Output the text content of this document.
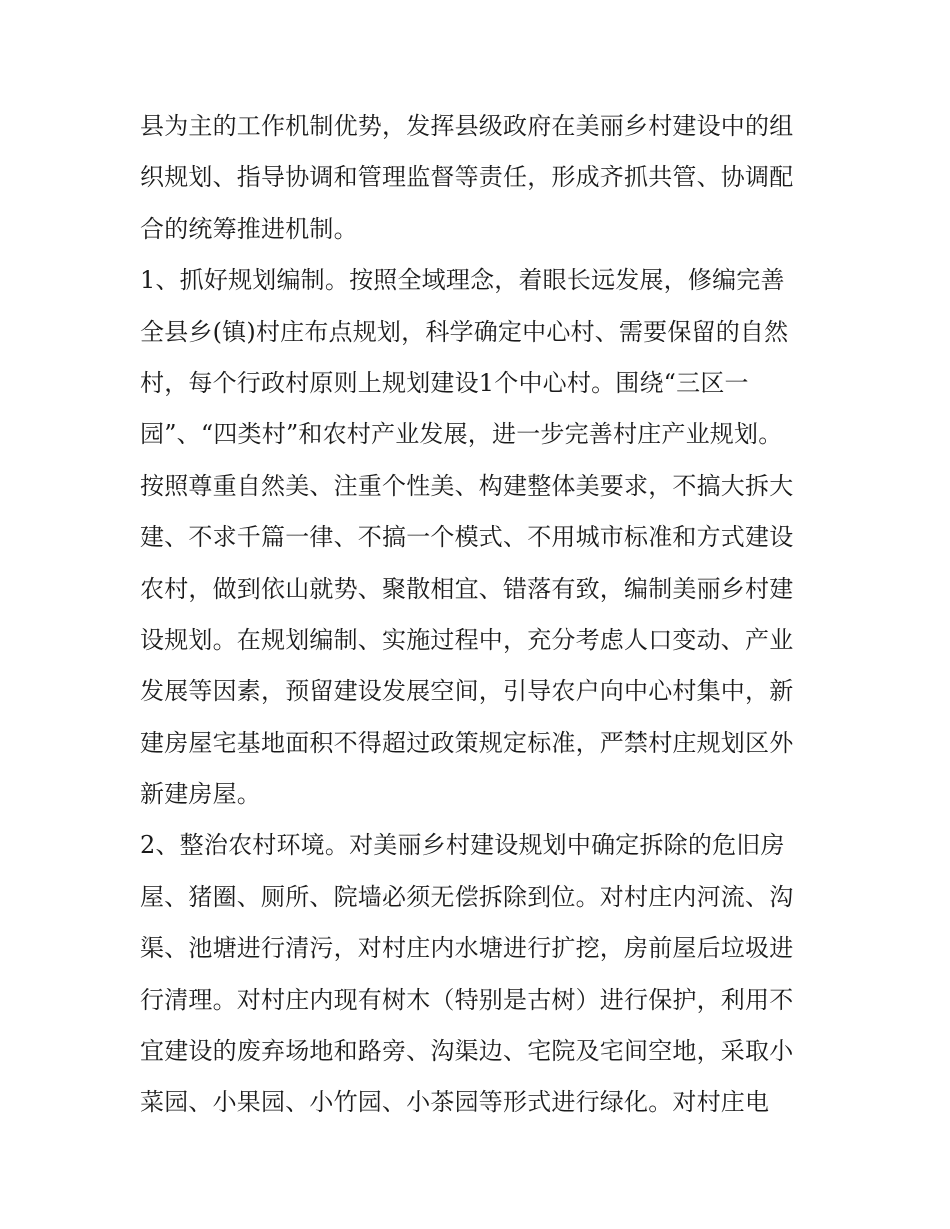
县为主的工作机制优势，发挥县级政府在美丽乡村建设中的组
织规划、指导协调和管理监督等责任，形成齐抓共管、协调配
合的统筹推进机制。
1、抓好规划编制。按照全域理念，着眼长远发展，修编完善
全县乡(镇)村庄布点规划，科学确定中心村、需要保留的自然
村，每个行政村原则上规划建设1个中心村。围绕“三区一
园”、“四类村”和农村产业发展，进一步完善村庄产业规划。
按照尊重自然美、注重个性美、构建整体美要求，不搞大拆大
建、不求千篇一律、不搞一个模式、不用城市标准和方式建设
农村，做到依山就势、聚散相宜、错落有致，编制美丽乡村建
设规划。在规划编制、实施过程中，充分考虑人口变动、产业
发展等因素，预留建设发展空间，引导农户向中心村集中，新
建房屋宅基地面积不得超过政策规定标准，严禁村庄规划区外
新建房屋。
2、整治农村环境。对美丽乡村建设规划中确定拆除的危旧房
屋、猪圈、厕所、院墙必须无偿拆除到位。对村庄内河流、沟
渠、池塘进行清污，对村庄内水塘进行扩挖，房前屋后垃圾进
行清理。对村庄内现有树木（特别是古树）进行保护，利用不
宜建设的废弃场地和路旁、沟渠边、宅院及宅间空地，采取小
菜园、小果园、小竹园、小茶园等形式进行绿化。对村庄电
